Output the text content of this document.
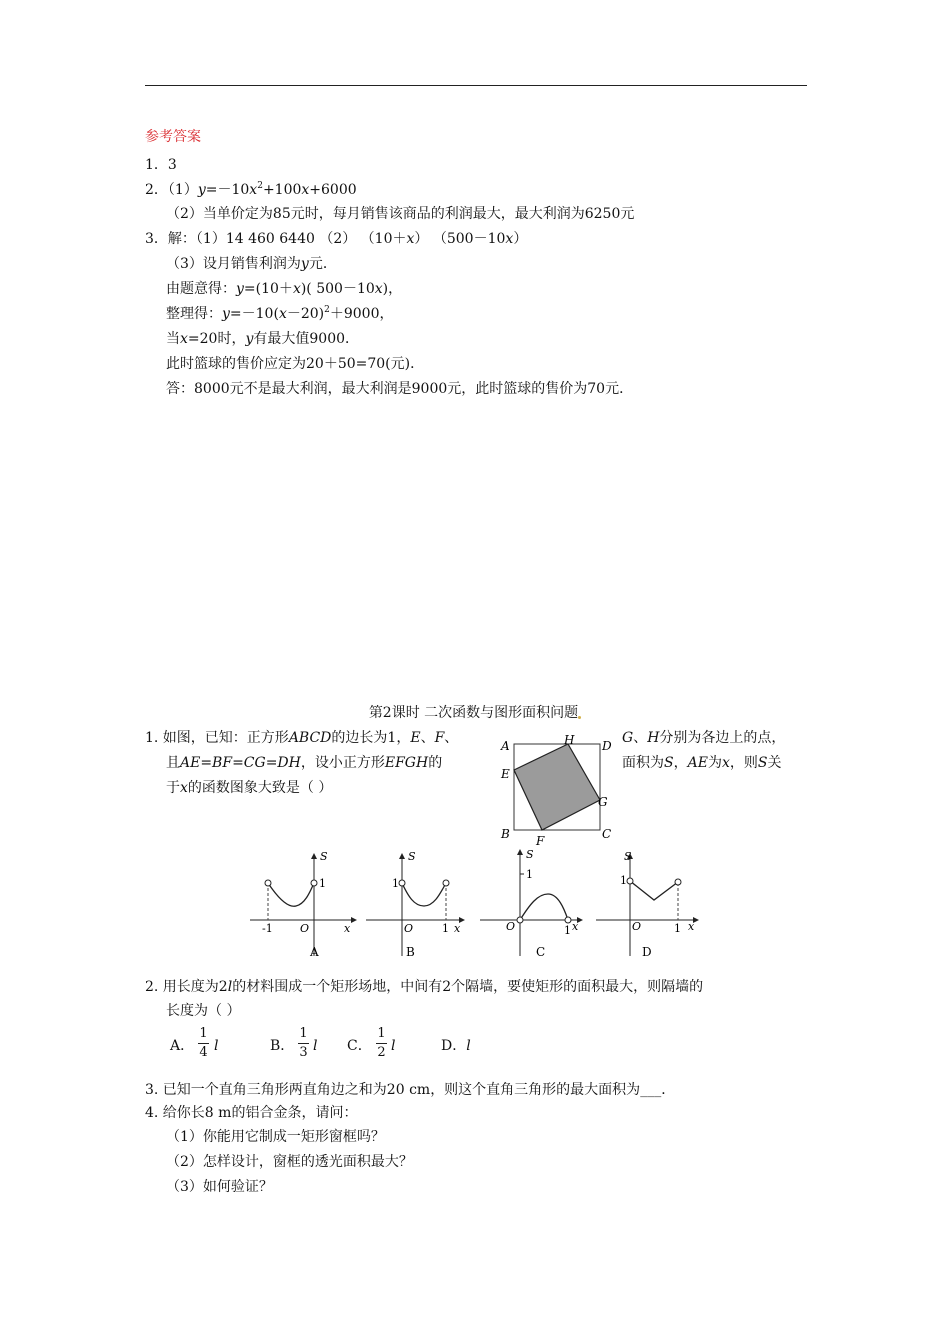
参考答案
1．3
2．$(1)y=-10x^2+100x+6000$
（2）当单价定为85元时，每月销售该商品的利润最大，最大利润为6250元
3．解：（1）14 460 6440 （2） （10＋x） （500－10x）
（3）设月销售利润为y元．
由题意得：y=(10＋x)( 500－10x)，
整理得：$y=-10(x-20)^2+9000$，
当x=20时，y有最大值9000．
此时篮球的售价应定为20＋50=70(元)．
答：8000元不是最大利润，最大利润是9000元，此时篮球的售价为70元．
第2课时 二次函数与图形面积问题
1. 如图，已知：正方形ABCD的边长为1，E、F、	G、H分别为各边上的点，
且AE=BF=CG=DH，设小正方形EFGH的	面积为S，AE为x，则S关
于x的函数图象大致是（ ）
A	H D
E
G
B F	C
S
1
O	x
-1
A
S
1
O	x
1
B
S
1
O	x
1
C
S
1
O	x
1
D
2. 用长度为2l的材料围成一个矩形场地，中间有2个隔墙，要使矩形的面积最大，则隔墙的
长度为（ ）
A．
1
4 l	B．
1
3 l C．
1
2 l	D．l
3. 已知一个直角三角形两直角边之和为20 cm，则这个直角三角形的最大面积为___．
4. 给你长8 m的铝合金条，请问：
（1）你能用它制成一矩形窗框吗？
（2）怎样设计，窗框的透光面积最大？
（3）如何验证？
